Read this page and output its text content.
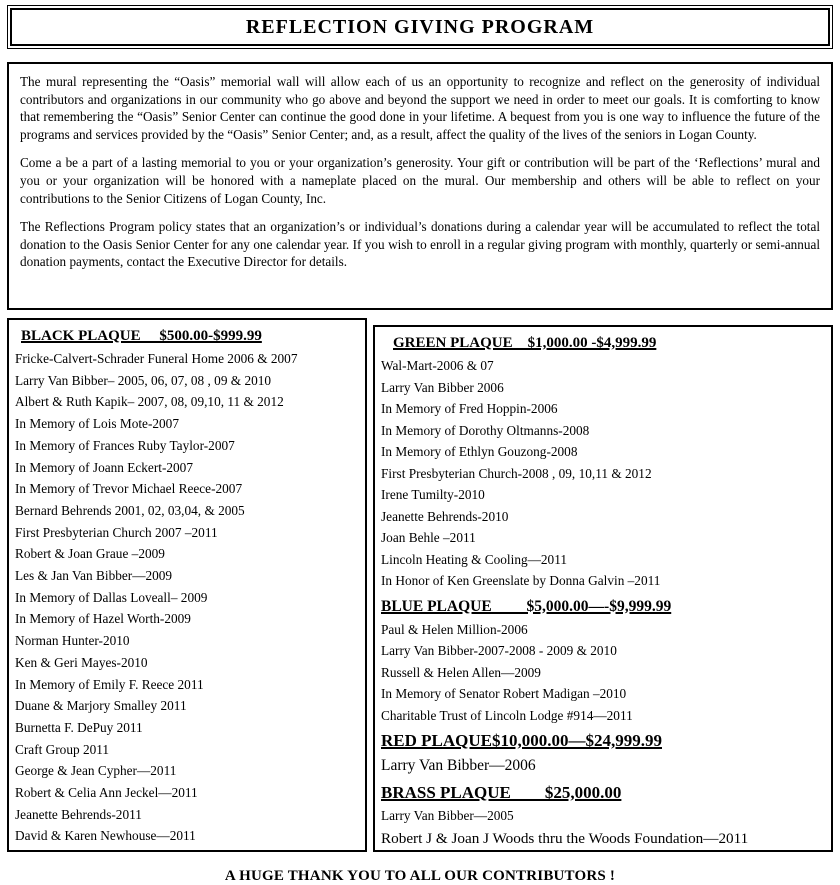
REFLECTION GIVING PROGRAM

The mural representing the “Oasis” memorial wall will allow each of us an opportunity to recognize and reflect on the generosity of individual contributors and organizations in our community who go above and beyond the support we need in order to meet our goals. It is comforting to know that remembering the “Oasis” Senior Center can continue the good done in your lifetime. A bequest from you is one way to influence the future of the programs and services provided by the “Oasis” Senior Center; and, as a result, affect the quality of the lives of the seniors in Logan County.

Come a be a part of a lasting memorial to you or your organization’s generosity. Your gift or contribution will be part of the ‘Reflections’ mural and you or your organization will be honored with a nameplate placed on the mural. Our membership and others will be able to reflect on your contributions to the Senior Citizens of Logan County, Inc.

The Reflections Program policy states that an organization’s or individual’s donations during a calendar year will be accumulated to reflect the total donation to the Oasis Senior Center for any one calendar year. If you wish to enroll in a regular giving program with monthly, quarterly or semi-annual donation payments, contact the Executive Director for details.

BLACK PLAQUE     $500.00-$999.99
Fricke-Calvert-Schrader Funeral Home 2006 & 2007
Larry Van Bibber– 2005, 06, 07, 08 , 09 & 2010
Albert & Ruth Kapik– 2007, 08, 09,10, 11 & 2012
In Memory of Lois Mote-2007
In Memory of Frances Ruby Taylor-2007
In Memory of Joann Eckert-2007
In Memory of Trevor Michael Reece-2007
Bernard Behrends 2001, 02, 03,04, & 2005
First Presbyterian Church 2007 –2011
Robert & Joan Graue –2009
Les & Jan Van Bibber—2009
In Memory of Dallas Loveall– 2009
In Memory of Hazel Worth-2009
Norman Hunter-2010
Ken & Geri Mayes-2010
In Memory of Emily F. Reece 2011
Duane & Marjory Smalley 2011
Burnetta F. DePuy 2011
Craft Group 2011
George & Jean Cypher—2011
Robert & Celia Ann Jeckel—2011
Jeanette Behrends-2011
David & Karen Newhouse—2011
GREEN PLAQUE    $1,000.00 -$4,999.99
Wal-Mart-2006 & 07
Larry Van Bibber 2006
In Memory of Fred Hoppin-2006
In Memory of Dorothy Oltmanns-2008
In Memory of Ethlyn Gouzong-2008
First Presbyterian Church-2008 , 09, 10,11 & 2012
Irene Tumilty-2010
Jeanette Behrends-2010
Joan Behle –2011
Lincoln Heating & Cooling—2011
In Honor of Ken Greenslate by Donna Galvin –2011
BLUE PLAQUE         $5,000.00—-$9,999.99
Paul & Helen Million-2006
Larry Van Bibber-2007-2008 - 2009 & 2010
Russell & Helen Allen—2009
In Memory of Senator Robert Madigan –2010
Charitable Trust of Lincoln Lodge #914—2011
RED PLAQUE$10,000.00—$24,999.99
Larry Van Bibber—2006
BRASS PLAQUE        $25,000.00
Larry Van Bibber—2005
Robert J & Joan J Woods thru the Woods Foundation—2011
A HUGE THANK YOU TO ALL OUR CONTRIBUTORS !
